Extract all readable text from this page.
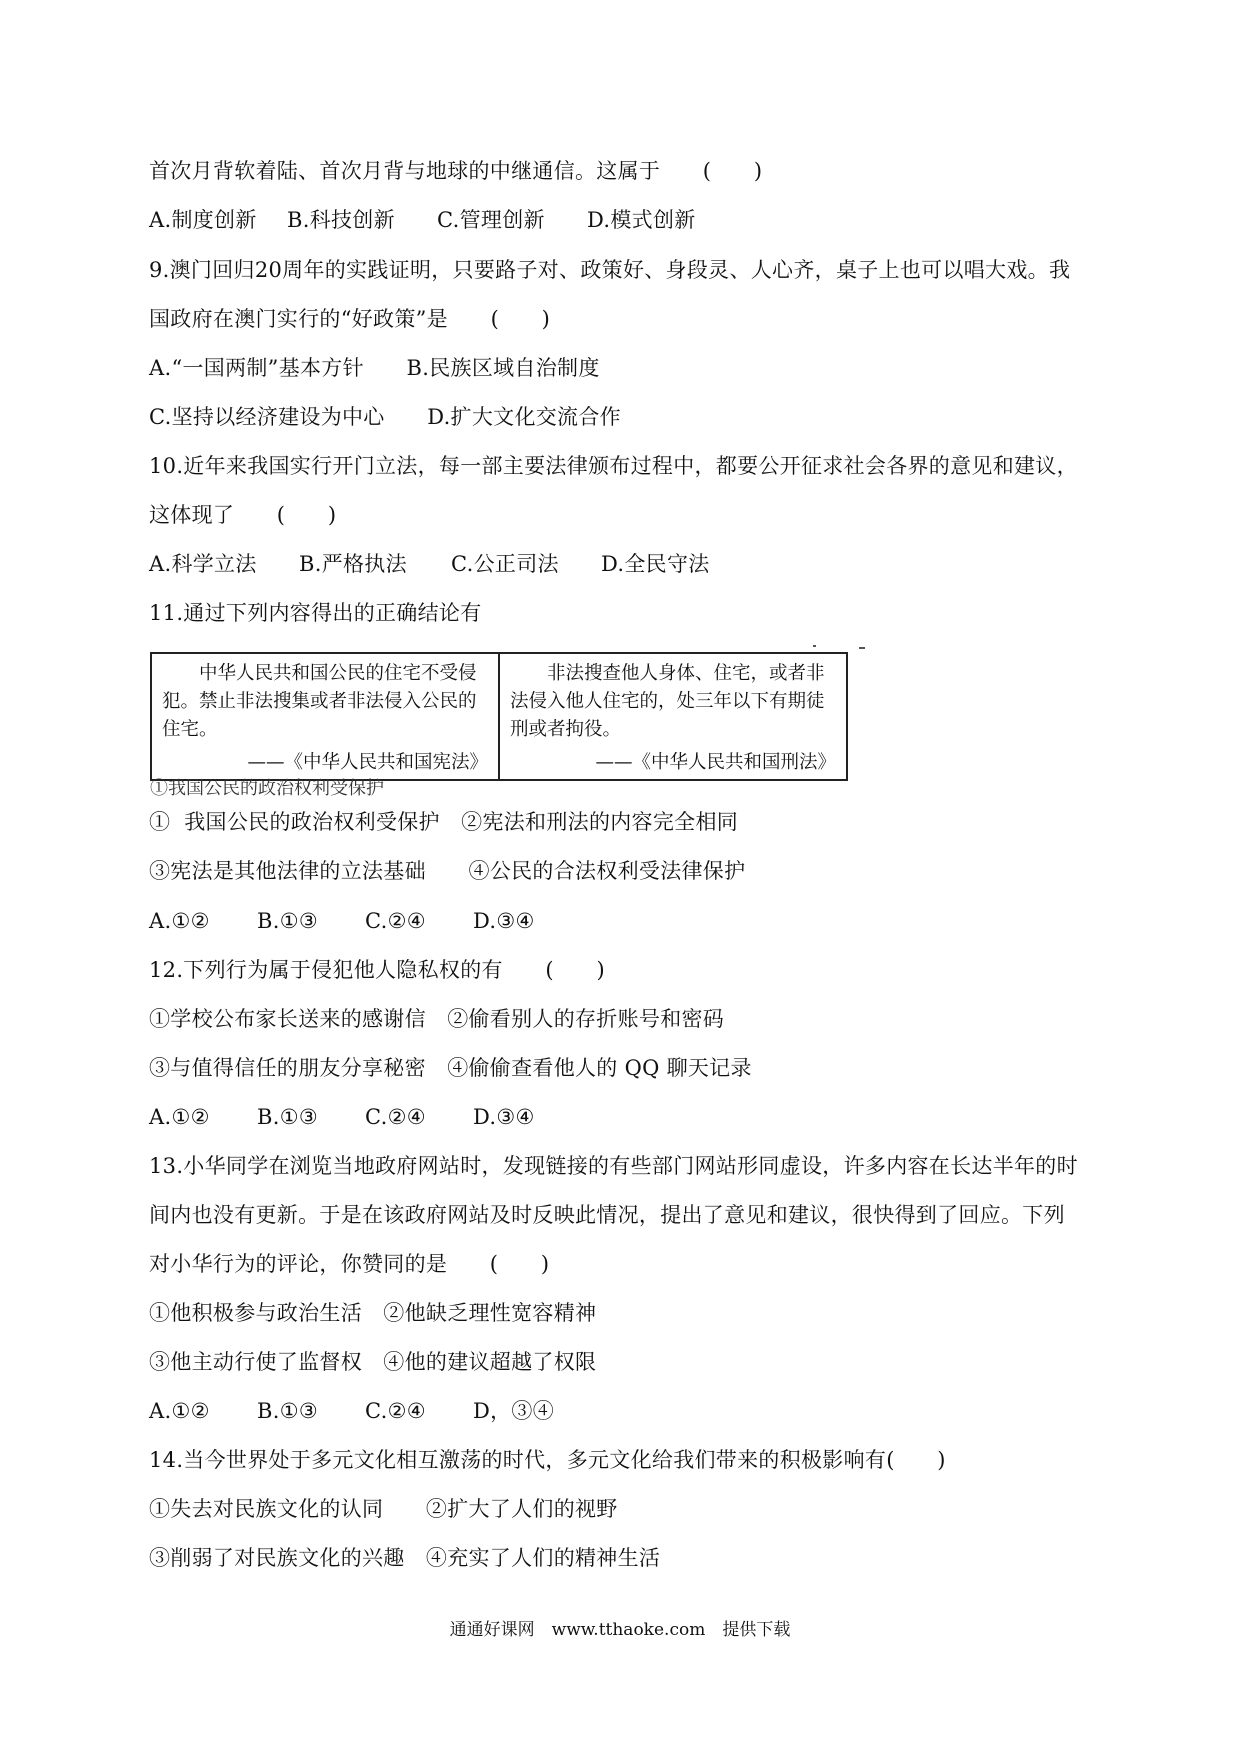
首次月背软着陆、首次月背与地球的中继通信。这属于　　(　　)
A.制度创新	B.科技创新	C.管理创新	D.模式创新
9.澳门回归20周年的实践证明，只要路子对、政策好、身段灵、人心齐，桌子上也可以唱大戏。我
国政府在澳门实行的“好政策”是　　(　　)
A.“一国两制”基本方针　　B.民族区域自治制度
C.坚持以经济建设为中心　　D.扩大文化交流合作
10.近年来我国实行开门立法，每一部主要法律颁布过程中，都要公开征求社会各界的意见和建议，
这体现了　　(　　)
A.科学立法	B.严格执法	C.公正司法	D.全民守法
11.通过下列内容得出的正确结论有
中华人民共和国公民的住宅不受侵犯。禁止非法搜集或者非法侵入公民的住宅。
——《中华人民共和国宪法》
非法搜查他人身体、住宅，或者非法侵入他人住宅的，处三年以下有期徒刑或者拘役。
——《中华人民共和国刑法》
①我国公民的政治权利受保护
①  我国公民的政治权利受保护　②宪法和刑法的内容完全相同
③宪法是其他法律的立法基础　　④公民的合法权利受法律保护
A.①②	B.①③	C.②④	D.③④
12.下列行为属于侵犯他人隐私权的有　　(　　)
①学校公布家长送来的感谢信　②偷看别人的存折账号和密码
③与值得信任的朋友分享秘密　④偷偷查看他人的 QQ 聊天记录
A.①②	B.①③	C.②④	D.③④
13.小华同学在浏览当地政府网站时，发现链接的有些部门网站形同虚设，许多内容在长达半年的时
间内也没有更新。于是在该政府网站及时反映此情况，提出了意见和建议，很快得到了回应。下列
对小华行为的评论，你赞同的是　　(　　)
①他积极参与政治生活　②他缺乏理性宽容精神
③他主动行使了监督权　④他的建议超越了权限
A.①②	B.①③	C.②④	D，③④
14.当今世界处于多元文化相互激荡的时代，多元文化给我们带来的积极影响有(　　)
①失去对民族文化的认同　　②扩大了人们的视野
③削弱了对民族文化的兴趣　④充实了人们的精神生活
通通好课网　www.tthaoke.com　提供下载
